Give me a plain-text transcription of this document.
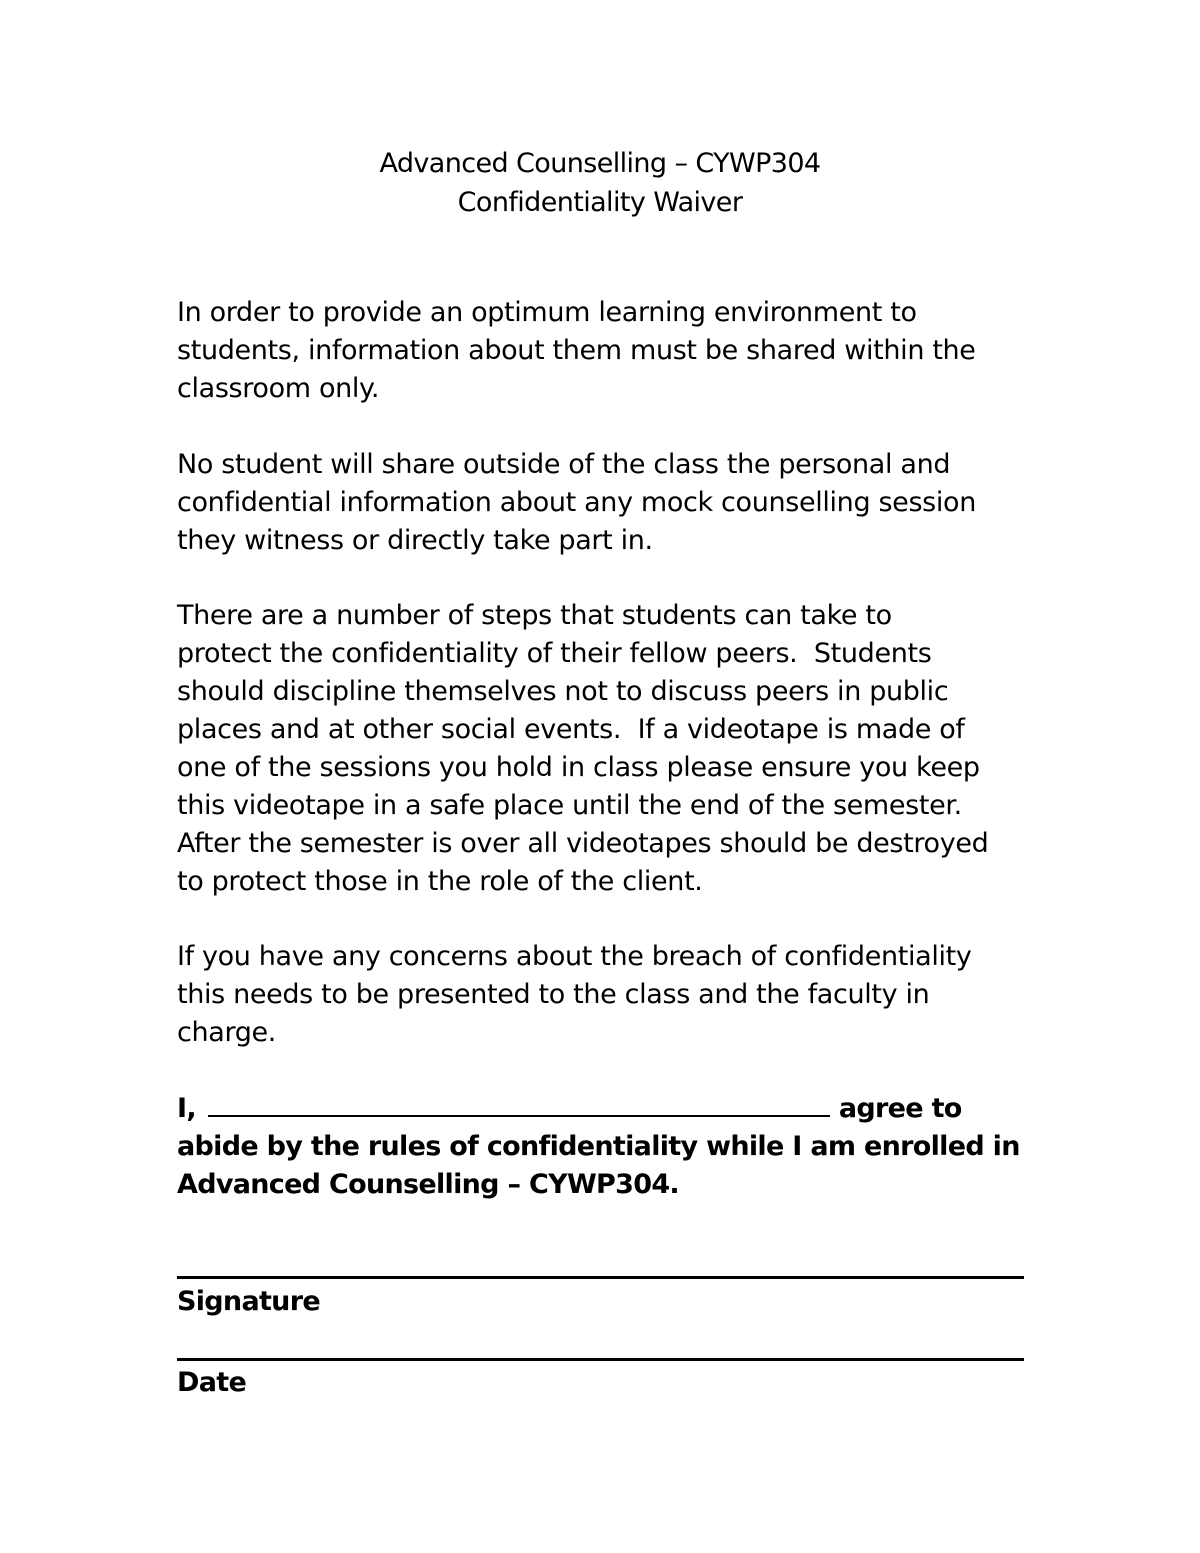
Advanced Counselling – CYWP304
Confidentiality Waiver
In order to provide an optimum learning environment to
students, information about them must be shared within the
classroom only.
No student will share outside of the class the personal and
confidential information about any mock counselling session
they witness or directly take part in.
There are a number of steps that students can take to
protect the confidentiality of their fellow peers.  Students
should discipline themselves not to discuss peers in public
places and at other social events.  If a videotape is made of
one of the sessions you hold in class please ensure you keep
this videotape in a safe place until the end of the semester.
After the semester is over all videotapes should be destroyed
to protect those in the role of the client.
If you have any concerns about the breach of confidentiality
this needs to be presented to the class and the faculty in
charge.
I,	agree to
abide by the rules of confidentiality while I am enrolled in
Advanced Counselling – CYWP304.
Signature
Date
